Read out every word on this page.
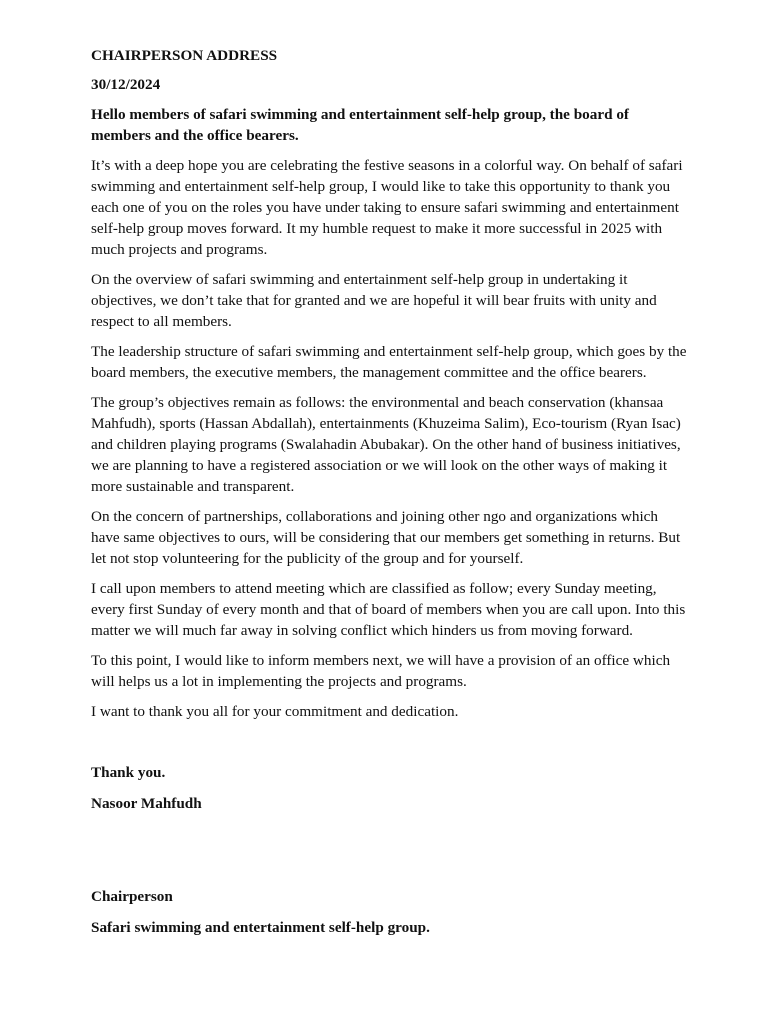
CHAIRPERSON ADDRESS

30/12/2024

Hello members of safari swimming and entertainment self-help group, the board of members and the office bearers.

It’s with a deep hope you are celebrating the festive seasons in a colorful way. On behalf of safari swimming and entertainment self-help group, I would like to take this opportunity to thank you each one of you on the roles you have under taking to ensure safari swimming and entertainment self-help group moves forward. It my humble request to make it more successful in 2025 with much projects and programs.

On the overview of safari swimming and entertainment self-help group in undertaking it objectives, we don’t take that for granted and we are hopeful it will bear fruits with unity and respect to all members.

The leadership structure of safari swimming and entertainment self-help group, which goes by the board members, the executive members, the management committee and the office bearers.

The group’s objectives remain as follows: the environmental and beach conservation (khansaa Mahfudh), sports (Hassan Abdallah), entertainments (Khuzeima Salim), Eco-tourism (Ryan Isac) and children playing programs (Swalahadin Abubakar). On the other hand of business initiatives, we are planning to have a registered association or we will look on the other ways of making it more sustainable and transparent.

On the concern of partnerships, collaborations and joining other ngo and organizations which have same objectives to ours, will be considering that our members get something in returns. But let not stop volunteering for the publicity of the group and for yourself.

I call upon members to attend meeting which are classified as follow; every Sunday meeting, every first Sunday of every month and that of board of members when you are call upon. Into this matter we will much far away in solving conflict which hinders us from moving forward.

To this point, I would like to inform members next, we will have a provision of an office which will helps us a lot in implementing the projects and programs.

I want to thank you all for your commitment and dedication.

Thank you.

Nasoor Mahfudh

Chairperson

Safari swimming and entertainment self-help group.
